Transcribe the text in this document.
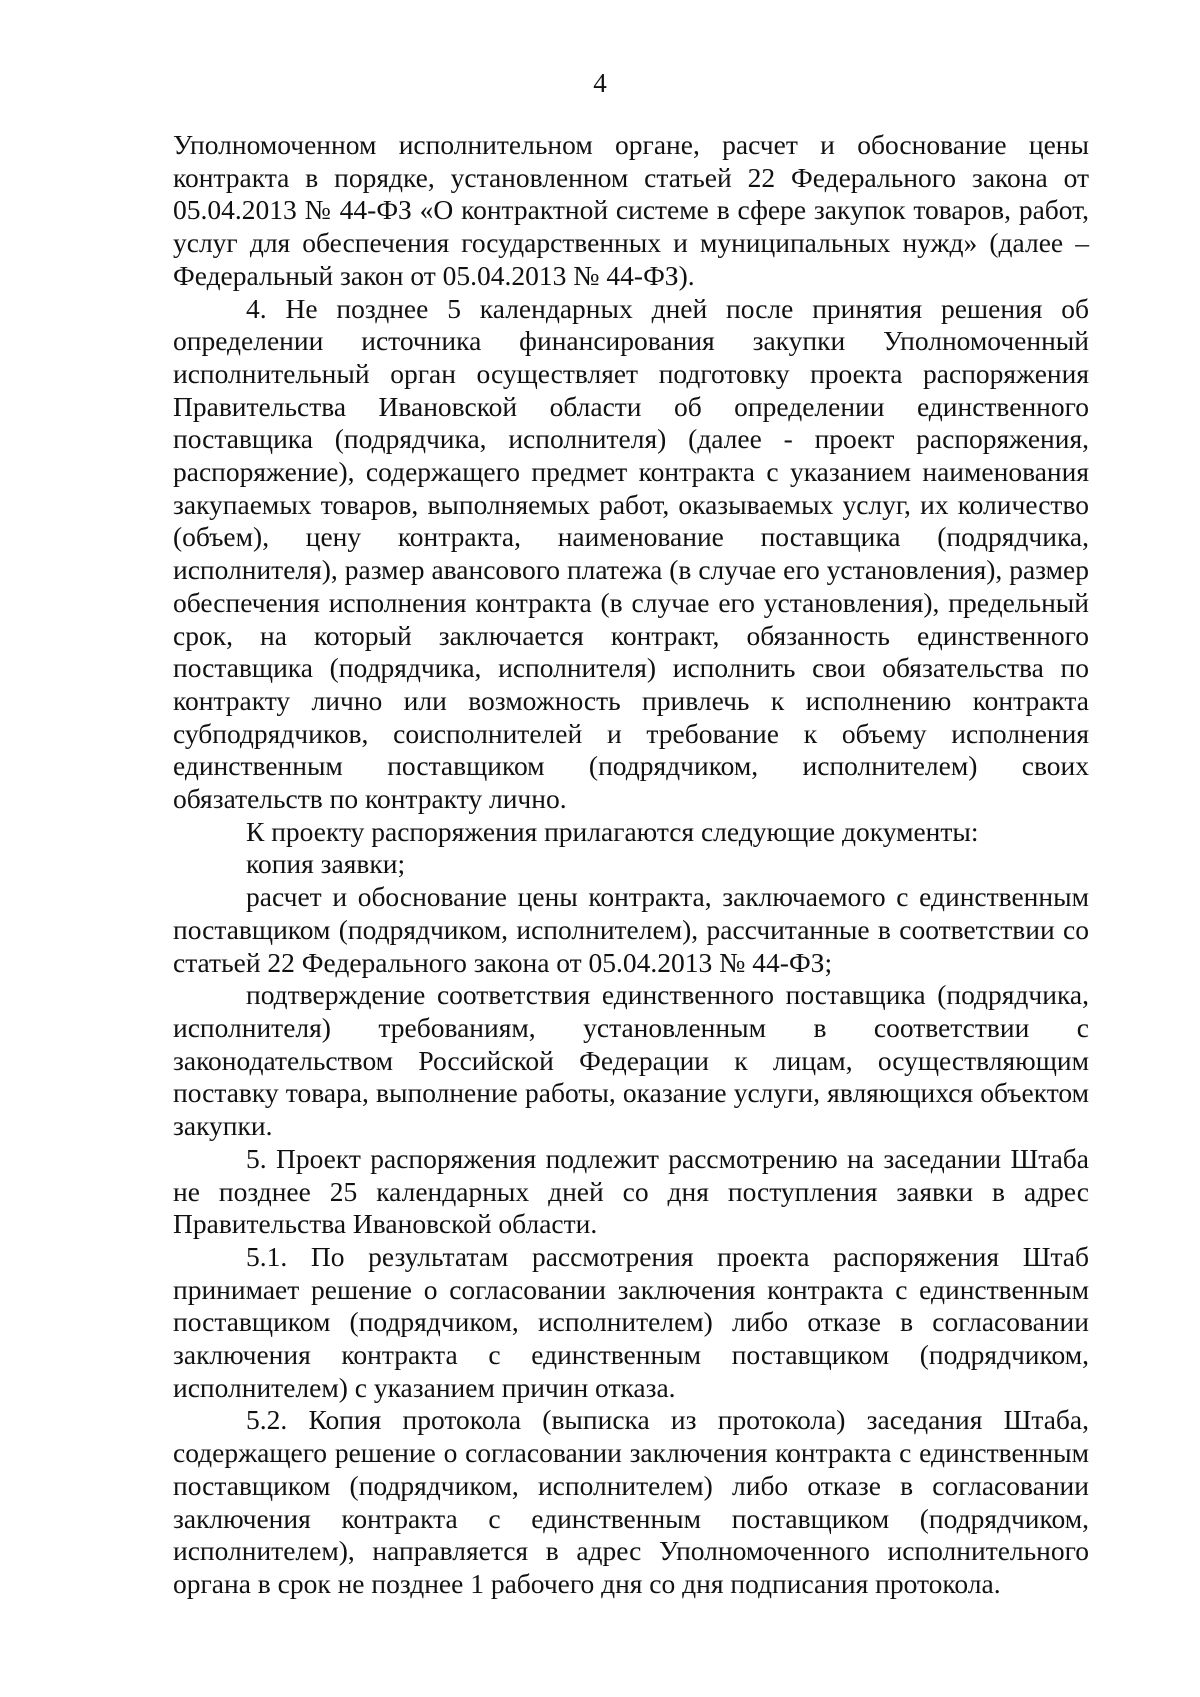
4

Уполномоченном исполнительном органе, расчет и обоснование цены контракта в порядке, установленном статьей 22 Федерального закона от 05.04.2013 № 44-ФЗ «О контрактной системе в сфере закупок товаров, работ, услуг для обеспечения государственных и муниципальных нужд» (далее – Федеральный закон от 05.04.2013 № 44-ФЗ).

4. Не позднее 5 календарных дней после принятия решения об определении источника финансирования закупки Уполномоченный исполнительный орган осуществляет подготовку проекта распоряжения Правительства Ивановской области об определении единственного поставщика (подрядчика, исполнителя) (далее - проект распоряжения, распоряжение), содержащего предмет контракта с указанием наименования закупаемых товаров, выполняемых работ, оказываемых услуг, их количество (объем), цену контракта, наименование поставщика (подрядчика, исполнителя), размер авансового платежа (в случае его установления), размер обеспечения исполнения контракта (в случае его установления), предельный срок, на который заключается контракт, обязанность единственного поставщика (подрядчика, исполнителя) исполнить свои обязательства по контракту лично или возможность привлечь к исполнению контракта субподрядчиков, соисполнителей и требование к объему исполнения единственным поставщиком (подрядчиком, исполнителем) своих обязательств по контракту лично.

К проекту распоряжения прилагаются следующие документы:

копия заявки;

расчет и обоснование цены контракта, заключаемого с единственным поставщиком (подрядчиком, исполнителем), рассчитанные в соответствии со статьей 22 Федерального закона от 05.04.2013 № 44-ФЗ;

подтверждение соответствия единственного поставщика (подрядчика, исполнителя) требованиям, установленным в соответствии с законодательством Российской Федерации к лицам, осуществляющим поставку товара, выполнение работы, оказание услуги, являющихся объектом закупки.

5. Проект распоряжения подлежит рассмотрению на заседании Штаба не позднее 25 календарных дней со дня поступления заявки в адрес Правительства Ивановской области.

5.1. По результатам рассмотрения проекта распоряжения Штаб принимает решение о согласовании заключения контракта с единственным поставщиком (подрядчиком, исполнителем) либо отказе в согласовании заключения контракта с единственным поставщиком (подрядчиком, исполнителем) с указанием причин отказа.

5.2. Копия протокола (выписка из протокола) заседания Штаба, содержащего решение о согласовании заключения контракта с единственным поставщиком (подрядчиком, исполнителем) либо отказе в согласовании заключения контракта с единственным поставщиком (подрядчиком, исполнителем), направляется в адрес Уполномоченного исполнительного органа в срок не позднее 1 рабочего дня со дня подписания протокола.
